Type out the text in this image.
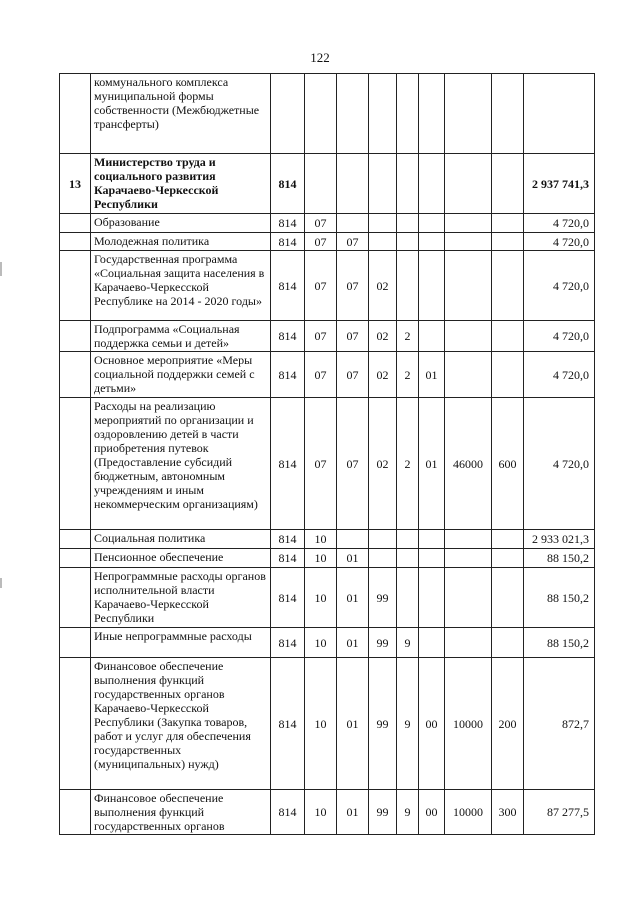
122
	коммунального комплекса муниципальной формы собственности (Межбюджетные трансферты)									
13	Министерство труда и социального развития Карачаево-Черкесской Республики	814								2 937 741,3
	Образование	814	07							4 720,0
	Молодежная политика	814	07	07						4 720,0
	Государственная программа «Социальная защита населения в Карачаево-Черкесской Республике на 2014 - 2020 годы»	814	07	07	02					4 720,0
	Подпрограмма «Социальная поддержка семьи и детей»	814	07	07	02	2				4 720,0
	Основное мероприятие «Меры социальной поддержки семей с детьми»	814	07	07	02	2	01			4 720,0
	Расходы на реализацию мероприятий по организации и оздоровлению детей в части приобретения путевок (Предоставление субсидий бюджетным, автономным учреждениям и иным некоммерческим организациям)	814	07	07	02	2	01	46000	600	4 720,0
	Социальная политика	814	10							2 933 021,3
	Пенсионное обеспечение	814	10	01						88 150,2
	Непрограммные расходы органов исполнительной власти Карачаево-Черкесской Республики	814	10	01	99					88 150,2
	Иные непрограммные расходы	814	10	01	99	9				88 150,2
	Финансовое обеспечение выполнения функций государственных органов Карачаево-Черкесской Республики (Закупка товаров, работ и услуг для обеспечения государственных (муниципальных) нужд)	814	10	01	99	9	00	10000	200	872,7
	Финансовое обеспечение выполнения функций государственных органов	814	10	01	99	9	00	10000	300	87 277,5
